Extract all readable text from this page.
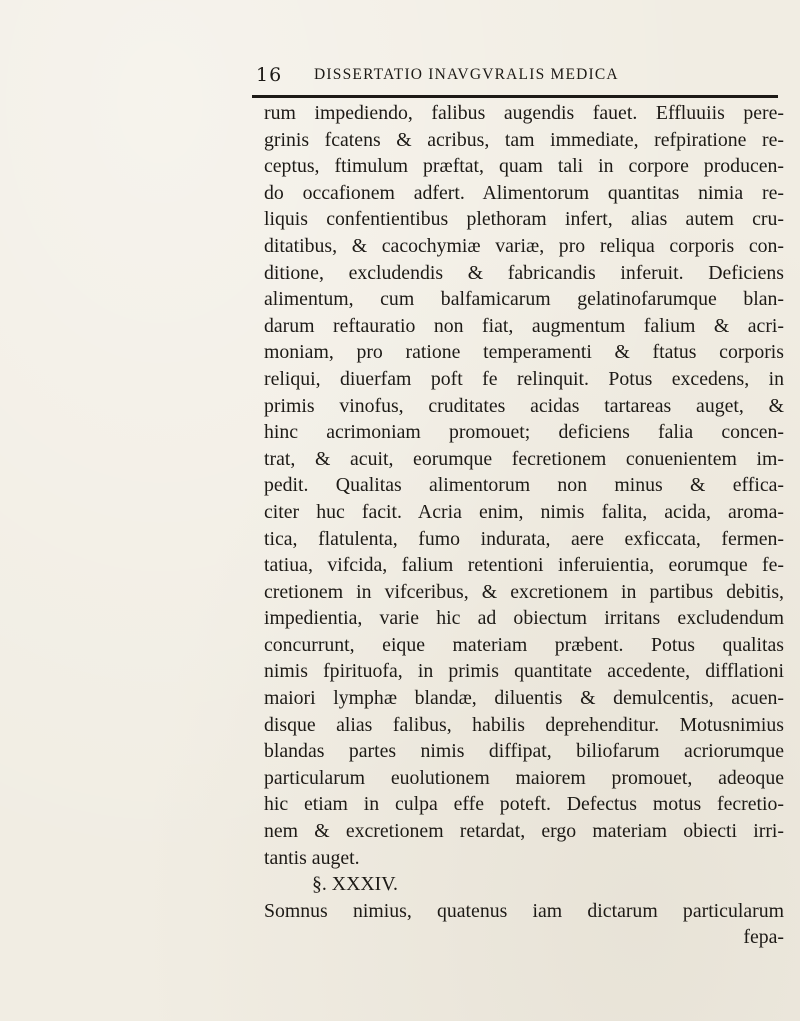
16 DISSERTATIO INAVGVRALIS MEDICA
rum impediendo, falibus augendis fauet. Effluuiis pere-
grinis fcatens & acribus, tam immediate, refpiratione re-
ceptus, ftimulum præftat, quam tali in corpore producen-
do occafionem adfert. Alimentorum quantitas nimia re-
liquis confentientibus plethoram infert, alias autem cru-
ditatibus, & cacochymiæ variæ, pro reliqua corporis con-
ditione, excludendis & fabricandis inferuit. Deficiens
alimentum, cum balfamicarum gelatinofarumque blan-
darum reftauratio non fiat, augmentum falium & acri-
moniam, pro ratione temperamenti & ftatus corporis
reliqui, diuerfam poft fe relinquit. Potus excedens, in
primis vinofus, cruditates acidas tartareas auget, &
hinc acrimoniam promouet; deficiens falia concen-
trat, & acuit, eorumque fecretionem conuenientem im-
pedit. Qualitas alimentorum non minus & effica-
citer huc facit. Acria enim, nimis falita, acida, aroma-
tica, flatulenta, fumo indurata, aere exficcata, fermen-
tatiua, vifcida, falium retentioni inferuientia, eorumque fe-
cretionem in vifceribus, & excretionem in partibus debitis,
impedientia, varie hic ad obiectum irritans excludendum
concurrunt, eique materiam præbent. Potus qualitas
nimis fpirituofa, in primis quantitate accedente, difflationi
maiori lymphæ blandæ, diluentis & demulcentis, acuen-
disque alias falibus, habilis deprehenditur. Motusnimius
blandas partes nimis diffipat, biliofarum acriorumque
particularum euolutionem maiorem promouet, adeoque
hic etiam in culpa effe poteft. Defectus motus fecretio-
nem & excretionem retardat, ergo materiam obiecti irri-
tantis auget.
§. XXXIV.
Somnus nimius, quatenus iam dictarum particularum
fepa-
